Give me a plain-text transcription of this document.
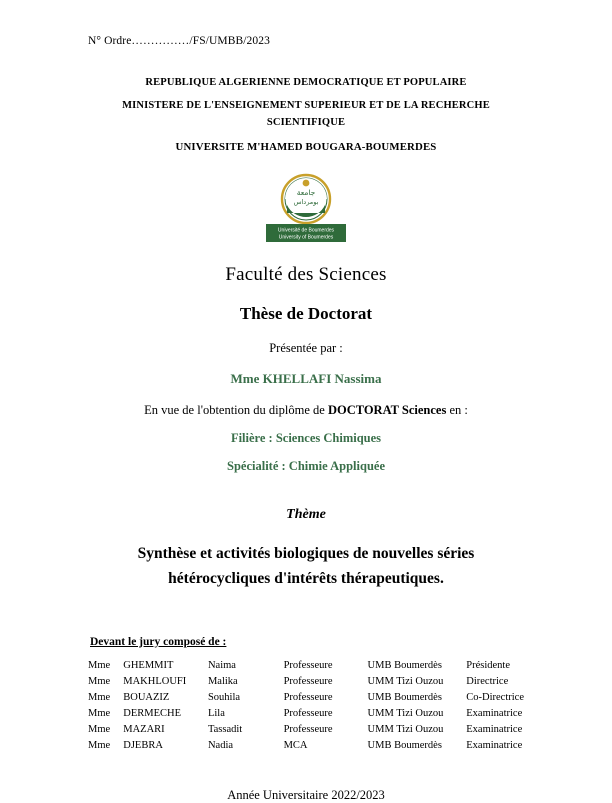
N° Ordre……………/FS/UMBB/2023
REPUBLIQUE ALGERIENNE DEMOCRATIQUE ET POPULAIRE
MINISTERE DE L'ENSEIGNEMENT SUPERIEUR ET DE LA RECHERCHE SCIENTIFIQUE
UNIVERSITE M'HAMED BOUGARA-BOUMERDES
جامعة
بومرداس
Université de Boumerdes
University of Boumerdes
Faculté des Sciences
Thèse de Doctorat
Présentée par :
Mme KHELLAFI Nassima
En vue de l'obtention du diplôme de DOCTORAT Sciences en :
Filière : Sciences Chimiques
Spécialité : Chimie Appliquée
Thème
Synthèse et activités biologiques de nouvelles séries
hétérocycliques d'intérêts thérapeutiques.
Devant le jury composé de :
Mme	GHEMMIT	Naima	Professeure	UMB Boumerdès	Présidente
Mme	MAKHLOUFI	Malika	Professeure	UMM Tizi Ouzou	Directrice
Mme	BOUAZIZ	Souhila	Professeure	UMB Boumerdès	Co-Directrice
Mme	DERMECHE	Lila	Professeure	UMM Tizi Ouzou	Examinatrice
Mme	MAZARI	Tassadit	Professeure	UMM Tizi Ouzou	Examinatrice
Mme	DJEBRA	Nadia	MCA	UMB Boumerdès	Examinatrice
Année Universitaire 2022/2023
